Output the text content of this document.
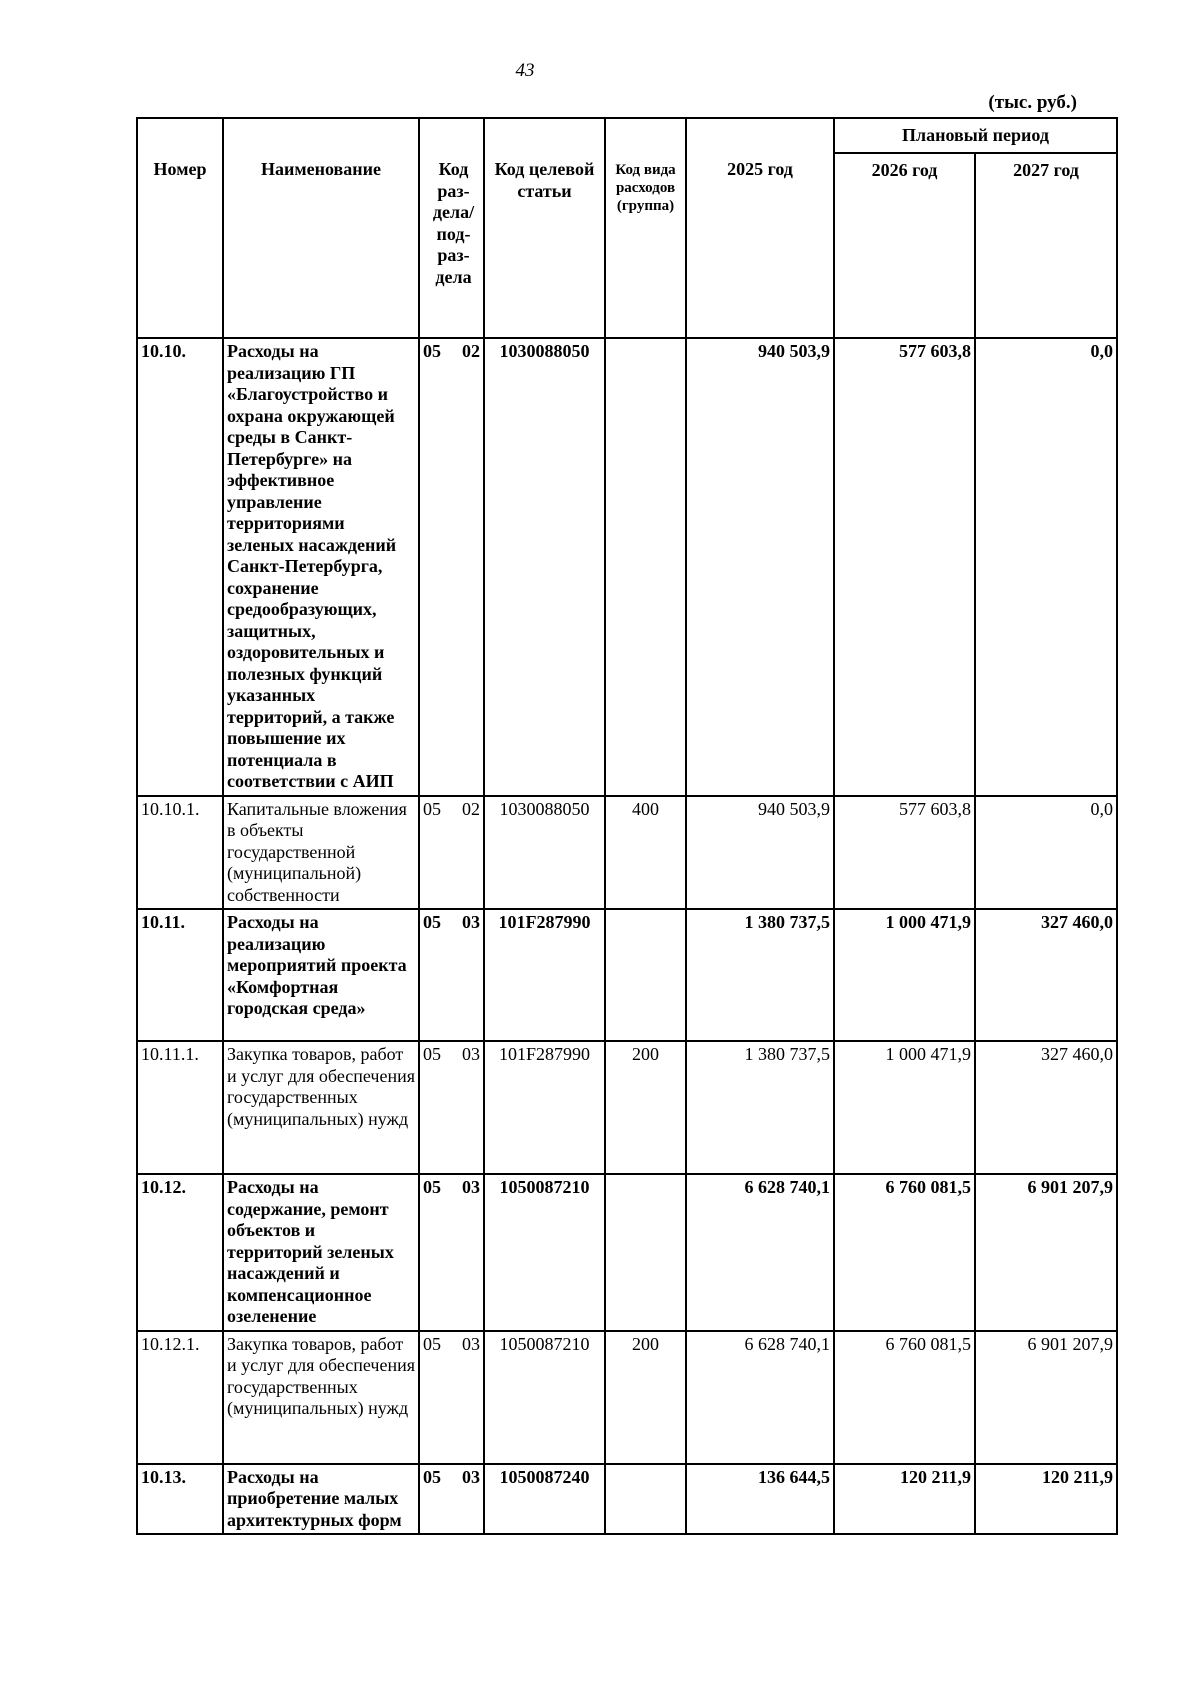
43
(тыс. руб.)
Номер	Наименование	Код раз-дела/ под-раз-дела	Код целевой статьи	Код вида расходов (группа)	2025 год	Плановый период	
						2026 год	2027 год
10.10.	Расходы на реализацию ГП «Благоустройство и охрана окружающей среды в Санкт-Петербурге» на эффективное управление территориями зеленых насаждений Санкт-Петербурга, сохранение средообразующих, защитных, оздоровительных и полезных функций указанных территорий, а также повышение их потенциала в соответствии с АИП	05 02	1030088050		940 503,9	577 603,8	0,0
10.10.1.	Капитальные вложения в объекты государственной (муниципальной) собственности	05 02	1030088050	400	940 503,9	577 603,8	0,0
10.11.	Расходы на реализацию мероприятий проекта «Комфортная городская среда»	05 03	101F287990		1 380 737,5	1 000 471,9	327 460,0
10.11.1.	Закупка товаров, работ и услуг для обеспечения государственных (муниципальных) нужд	05 03	101F287990	200	1 380 737,5	1 000 471,9	327 460,0
10.12.	Расходы на содержание, ремонт объектов и территорий зеленых насаждений и компенсационное озеленение	05 03	1050087210		6 628 740,1	6 760 081,5	6 901 207,9
10.12.1.	Закупка товаров, работ и услуг для обеспечения государственных (муниципальных) нужд	05 03	1050087210	200	6 628 740,1	6 760 081,5	6 901 207,9
10.13.	Расходы на приобретение малых архитектурных форм	05 03	1050087240		136 644,5	120 211,9	120 211,9
